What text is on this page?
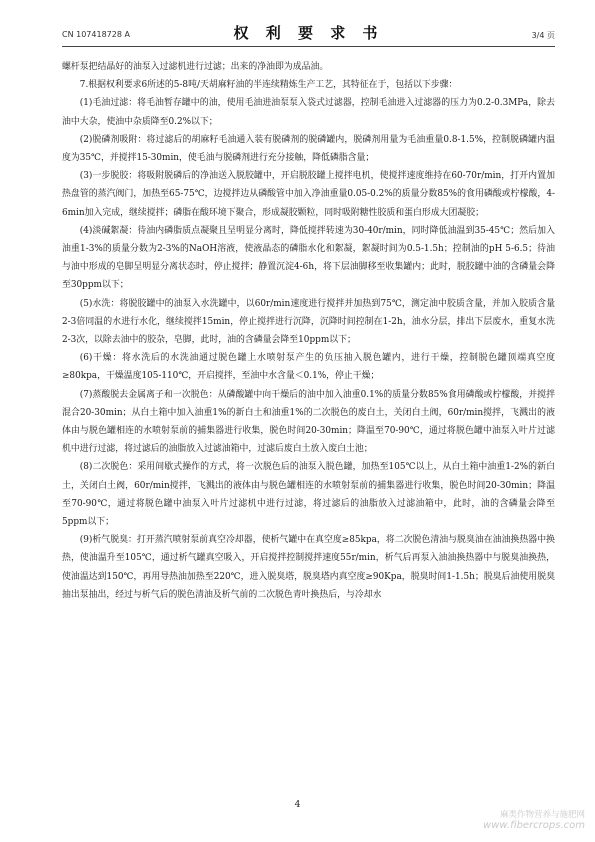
CN 107418728 A	权 利 要 求 书	3/4 页

螺杆泵把结晶好的油泵入过滤机进行过滤；出来的净油即为成品油。

7.根据权利要求6所述的5-8吨/天胡麻籽油的半连续精炼生产工艺，其特征在于，包括以下步骤：

(1)毛油过滤：将毛油暂存罐中的油，使用毛油进油泵泵入袋式过滤器，控制毛油进入过滤器的压力为0.2-0.3MPa，除去油中大杂，使油中杂质降至0.2%以下；

(2)脱磷剂吸附：将过滤后的胡麻籽毛油通入装有脱磷剂的脱磷罐内，脱磷剂用量为毛油重量0.8-1.5%，控制脱磷罐内温度为35℃，并搅拌15-30min，使毛油与脱磷剂进行充分接触，降低磷脂含量；

(3)一步脱胶：将吸附脱磷后的净油送入脱胶罐中，开启脱胶罐上搅拌电机，使搅拌速度维持在60-70r/min，打开内置加热盘管的蒸汽阀门，加热至65-75℃，边搅拌边从磷酸管中加入净油重量0.05-0.2%的质量分数85%的食用磷酸或柠檬酸，4-6min加入完成，继续搅拌；磷脂在酸环境下聚合，形成凝胶颗粒，同时吸附糖性胶质和蛋白形成大团凝胶；

(4)淡碱絮凝：待油内磷脂质点凝聚且呈明显分离时，降低搅拌转速为30-40r/min，同时降低油温到35-45℃；然后加入油重1-3%的质量分数为2-3%的NaOH溶液，使液晶态的磷脂水化和絮凝，絮凝时间为0.5-1.5h；控制油的pH 5-6.5；待油与油中形成的皂脚呈明显分离状态时，停止搅拌；静置沉淀4-6h，将下层油脚移至收集罐内；此时，脱胶罐中油的含磷量会降至30ppm以下；

(5)水洗：将脱胶罐中的油泵入水洗罐中，以60r/min速度进行搅拌并加热到75℃，测定油中胶质含量，并加入胶质含量2-3倍同温的水进行水化，继续搅拌15min，停止搅拌进行沉降，沉降时间控制在1-2h，油水分层，排出下层废水，重复水洗2-3次，以除去油中的胶杂，皂脚，此时，油的含磷量会降至10ppm以下；

(6)干燥：将水洗后的水洗油通过脱色罐上水喷射泵产生的负压抽入脱色罐内，进行干燥，控制脱色罐顶端真空度≥80kpa，干燥温度105-110℃，开启搅拌，至油中水含量＜0.1%，停止干燥；

(7)蒸酸脱去金属离子和一次脱色：从磷酸罐中向干燥后的油中加入油重0.1%的质量分数85%食用磷酸或柠檬酸，并搅拌混合20-30min；从白土箱中加入油重1%的新白土和油重1%的二次脱色的废白土，关闭白土阀，60r/min搅拌，飞溅出的液体由与脱色罐相连的水喷射泵前的捕集器进行收集，脱色时间20-30min；降温至70-90℃，通过将脱色罐中油泵入叶片过滤机中进行过滤，将过滤后的油脂放入过滤油箱中，过滤后废白土放入废白土池；

(8)二次脱色：采用间歇式操作的方式，将一次脱色后的油泵入脱色罐，加热至105℃以上，从白土箱中油重1-2%的新白土，关闭白土阀，60r/min搅拌，飞溅出的液体由与脱色罐相连的水喷射泵前的捕集器进行收集，脱色时间20-30min；降温至70-90℃，通过将脱色罐中油泵入叶片过滤机中进行过滤，将过滤后的油脂放入过滤油箱中，此时，油的含磷量会降至5ppm以下；

(9)析气脱臭：打开蒸汽喷射泵前真空冷却器，使析气罐中在真空度≥85kpa，将二次脱色清油与脱臭油在油油换热器中换热，使油温升至105℃，通过析气罐真空吸入，开启搅拌控制搅拌速度55r/min，析气后再泵入油油换热器中与脱臭油换热，使油温达到150℃，再用导热油加热至220℃，进入脱臭塔，脱臭塔内真空度≥90Kpa，脱臭时间1-1.5h；脱臭后油使用脱臭抽出泵抽出，经过与析气后的脱色清油及析气前的二次脱色青叶换热后，与冷却水

4
麻类作物营养与施肥网
www.fibercrops.com
